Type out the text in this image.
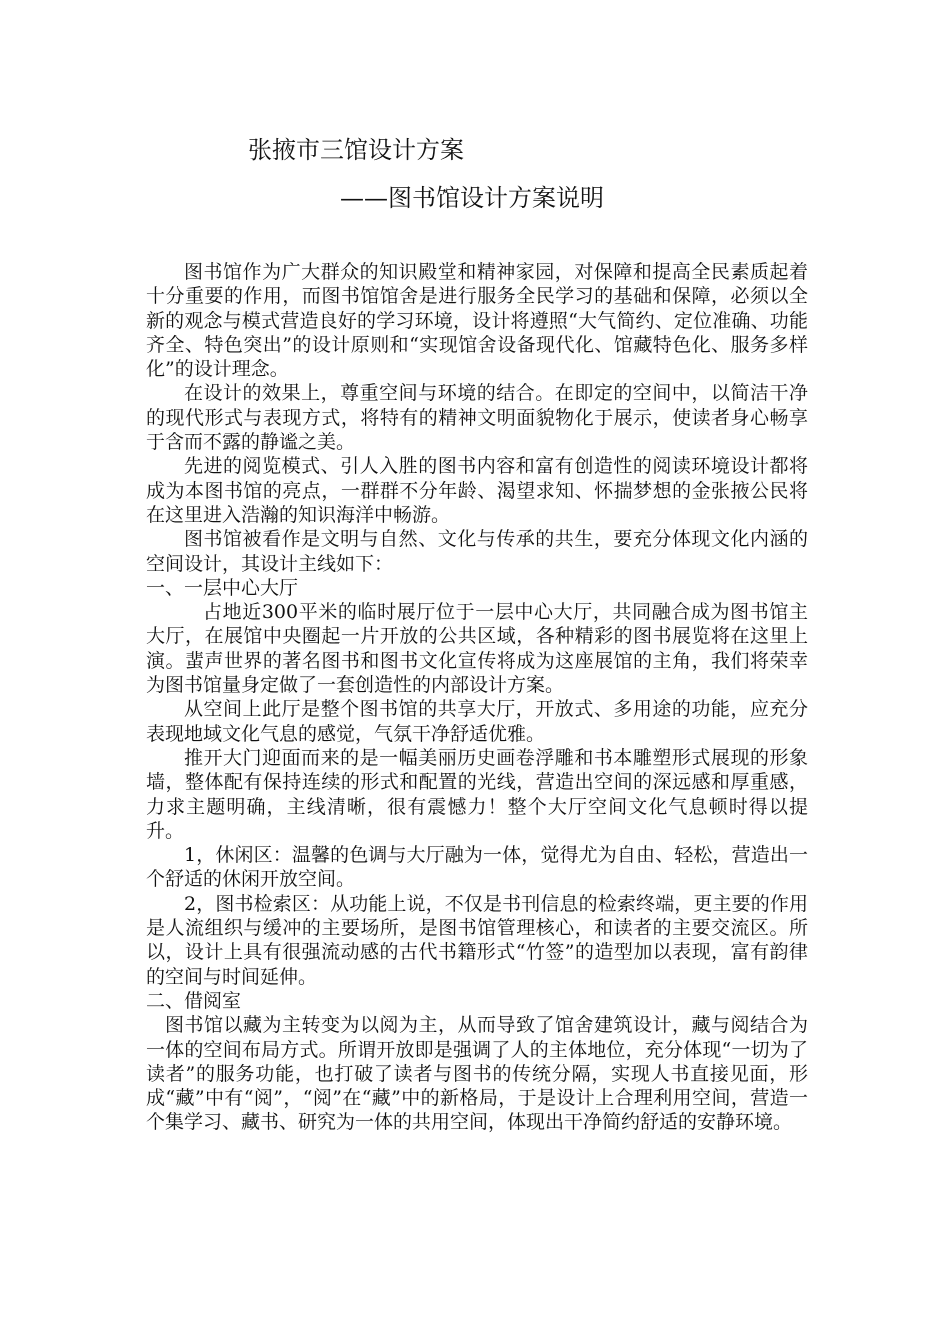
张掖市三馆设计方案
——图书馆设计方案说明

图书馆作为广大群众的知识殿堂和精神家园，对保障和提高全民素质起着十分重要的作用，而图书馆馆舍是进行服务全民学习的基础和保障，必须以全新的观念与模式营造良好的学习环境，设计将遵照“大气简约、定位准确、功能齐全、特色突出”的设计原则和“实现馆舍设备现代化、馆藏特色化、服务多样化”的设计理念。

在设计的效果上，尊重空间与环境的结合。在即定的空间中，以简洁干净的现代形式与表现方式，将特有的精神文明面貌物化于展示，使读者身心畅享于含而不露的静谧之美。

先进的阅览模式、引人入胜的图书内容和富有创造性的阅读环境设计都将成为本图书馆的亮点，一群群不分年龄、渴望求知、怀揣梦想的金张掖公民将在这里进入浩瀚的知识海洋中畅游。

图书馆被看作是文明与自然、文化与传承的共生，要充分体现文化内涵的空间设计，其设计主线如下：

一、一层中心大厅

占地近300平米的临时展厅位于一层中心大厅，共同融合成为图书馆主大厅，在展馆中央圈起一片开放的公共区域，各种精彩的图书展览将在这里上演。蜚声世界的著名图书和图书文化宣传将成为这座展馆的主角，我们将荣幸为图书馆量身定做了一套创造性的内部设计方案。

从空间上此厅是整个图书馆的共享大厅，开放式、多用途的功能，应充分表现地域文化气息的感觉，气氛干净舒适优雅。

推开大门迎面而来的是一幅美丽历史画卷浮雕和书本雕塑形式展现的形象墙，整体配有保持连续的形式和配置的光线，营造出空间的深远感和厚重感，力求主题明确，主线清晰，很有震憾力！整个大厅空间文化气息顿时得以提升。

1，休闲区：温馨的色调与大厅融为一体，觉得尤为自由、轻松，营造出一个舒适的休闲开放空间。

2，图书检索区：从功能上说，不仅是书刊信息的检索终端，更主要的作用是人流组织与缓冲的主要场所，是图书馆管理核心，和读者的主要交流区。所以，设计上具有很强流动感的古代书籍形式“竹签”的造型加以表现，富有韵律的空间与时间延伸。

二、借阅室

图书馆以藏为主转变为以阅为主，从而导致了馆舍建筑设计，藏与阅结合为一体的空间布局方式。所谓开放即是强调了人的主体地位，充分体现“一切为了读者”的服务功能，也打破了读者与图书的传统分隔，实现人书直接见面，形成“藏”中有“阅”，“阅”在“藏”中的新格局，于是设计上合理利用空间，营造一个集学习、藏书、研究为一体的共用空间，体现出干净简约舒适的安静环境。
